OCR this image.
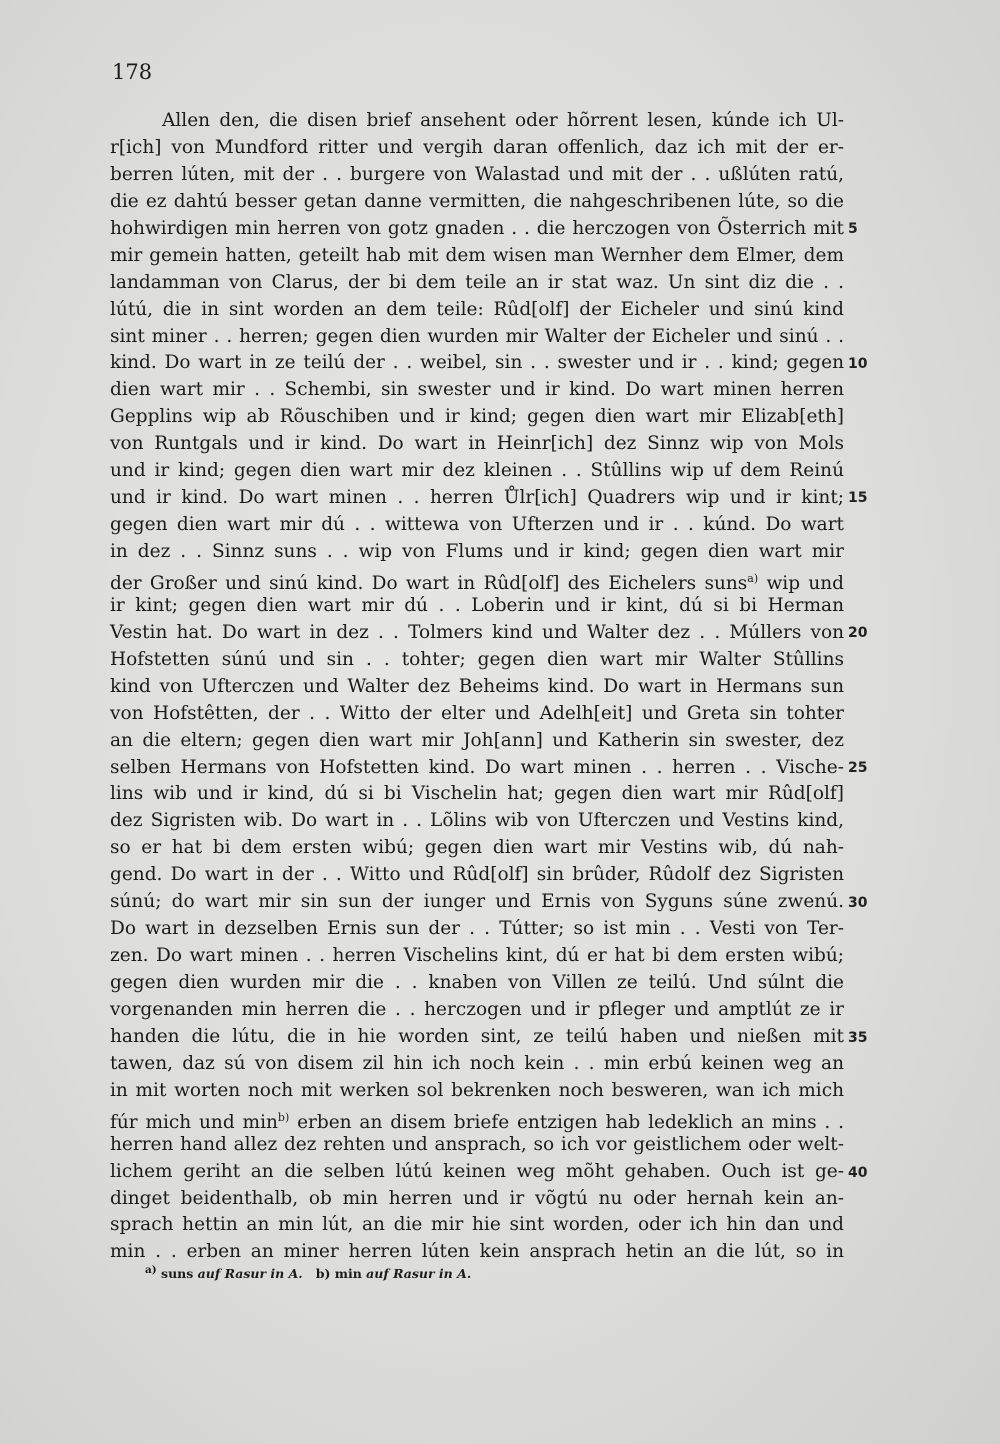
178
Allen den, die disen brief ansehent oder hõrrent lesen, kúnde ich Ul-
r[ich] von Mundford ritter und vergih daran offenlich, daz ich mit der er-
berren lúten, mit der . . burgere von Walastad und mit der . . ußlúten ratú,
die ez dahtú besser getan danne vermitten, die nahgeschribenen lúte, so die
hohwirdigen min herren von gotz gnaden . . die herczogen von Õsterrich mit
mir gemein hatten, geteilt hab mit dem wisen man Wernher dem Elmer, dem
landamman von Clarus, der bi dem teile an ir stat waz. Un sint diz die . .
lútú, die in sint worden an dem teile: Rûd[olf] der Eicheler und sinú kind
sint miner . . herren; gegen dien wurden mir Walter der Eicheler und sinú . .
kind. Do wart in ze teilú der . . weibel, sin . . swester und ir . . kind; gegen
dien wart mir . . Schembi, sin swester und ir kind. Do wart minen herren
Gepplins wip ab Rõuschiben und ir kind; gegen dien wart mir Elizab[eth]
von Runtgals und ir kind. Do wart in Heinr[ich] dez Sinnz wip von Mols
und ir kind; gegen dien wart mir dez kleinen . . Stûllins wip uf dem Reinú
und ir kind. Do wart minen . . herren Ůlr[ich] Quadrers wip und ir kint;
gegen dien wart mir dú . . wittewa von Ufterzen und ir . . kúnd. Do wart
in dez . . Sinnz suns . . wip von Flums und ir kind; gegen dien wart mir
der Großer und sinú kind. Do wart in Rûd[olf] des Eichelers suns$^{a)}$ wip und
ir kint; gegen dien wart mir dú . . Loberin und ir kint, dú si bi Herman
Vestin hat. Do wart in dez . . Tolmers kind und Walter dez . . Múllers von
Hofstetten súnú und sin . . tohter; gegen dien wart mir Walter Stûllins
kind von Ufterczen und Walter dez Beheims kind. Do wart in Hermans sun
von Hofstêtten, der . . Witto der elter und Adelh[eit] und Greta sin tohter
an die eltern; gegen dien wart mir Joh[ann] und Katherin sin swester, dez
selben Hermans von Hofstetten kind. Do wart minen . . herren . . Vische-
lins wib und ir kind, dú si bi Vischelin hat; gegen dien wart mir Rûd[olf]
dez Sigristen wib. Do wart in . . Lõlins wib von Ufterczen und Vestins kind,
so er hat bi dem ersten wibú; gegen dien wart mir Vestins wib, dú nah-
gend. Do wart in der . . Witto und Rûd[olf] sin brûder, Rûdolf dez Sigristen
súnú; do wart mir sin sun der iunger und Ernis von Syguns súne zwenú.
Do wart in dezselben Ernis sun der . . Tútter; so ist min . . Vesti von Ter-
zen. Do wart minen . . herren Vischelins kint, dú er hat bi dem ersten wibú;
gegen dien wurden mir die . . knaben von Villen ze teilú. Und súlnt die
vorgenanden min herren die . . herczogen und ir pfleger und amptlút ze ir
handen die lútu, die in hie worden sint, ze teilú haben und nießen mit
tawen, daz sú von disem zil hin ich noch kein . . min erbú keinen weg an
in mit worten noch mit werken sol bekrenken noch besweren, wan ich mich
fúr mich und $\min^{b)}$ erben an disem briefe entzigen hab ledeklich an mins . .
herren hand allez dez rehten und ansprach, so ich vor geistlichem oder welt-
lichem geriht an die selben lútú keinen weg mõht gehaben. Ouch ist ge-
dinget beidenthalb, ob min herren und ir võgtú nu oder hernah kein an-
sprach hettin an min lút, an die mir hie sint worden, oder ich hin dan und
min . . erben an miner herren lúten kein ansprach hetin an die lút, so in
5
10
15
20
25
30
35
40
$^{a)}$ suns auf Rasur in A. b) min auf Rasur in A.
